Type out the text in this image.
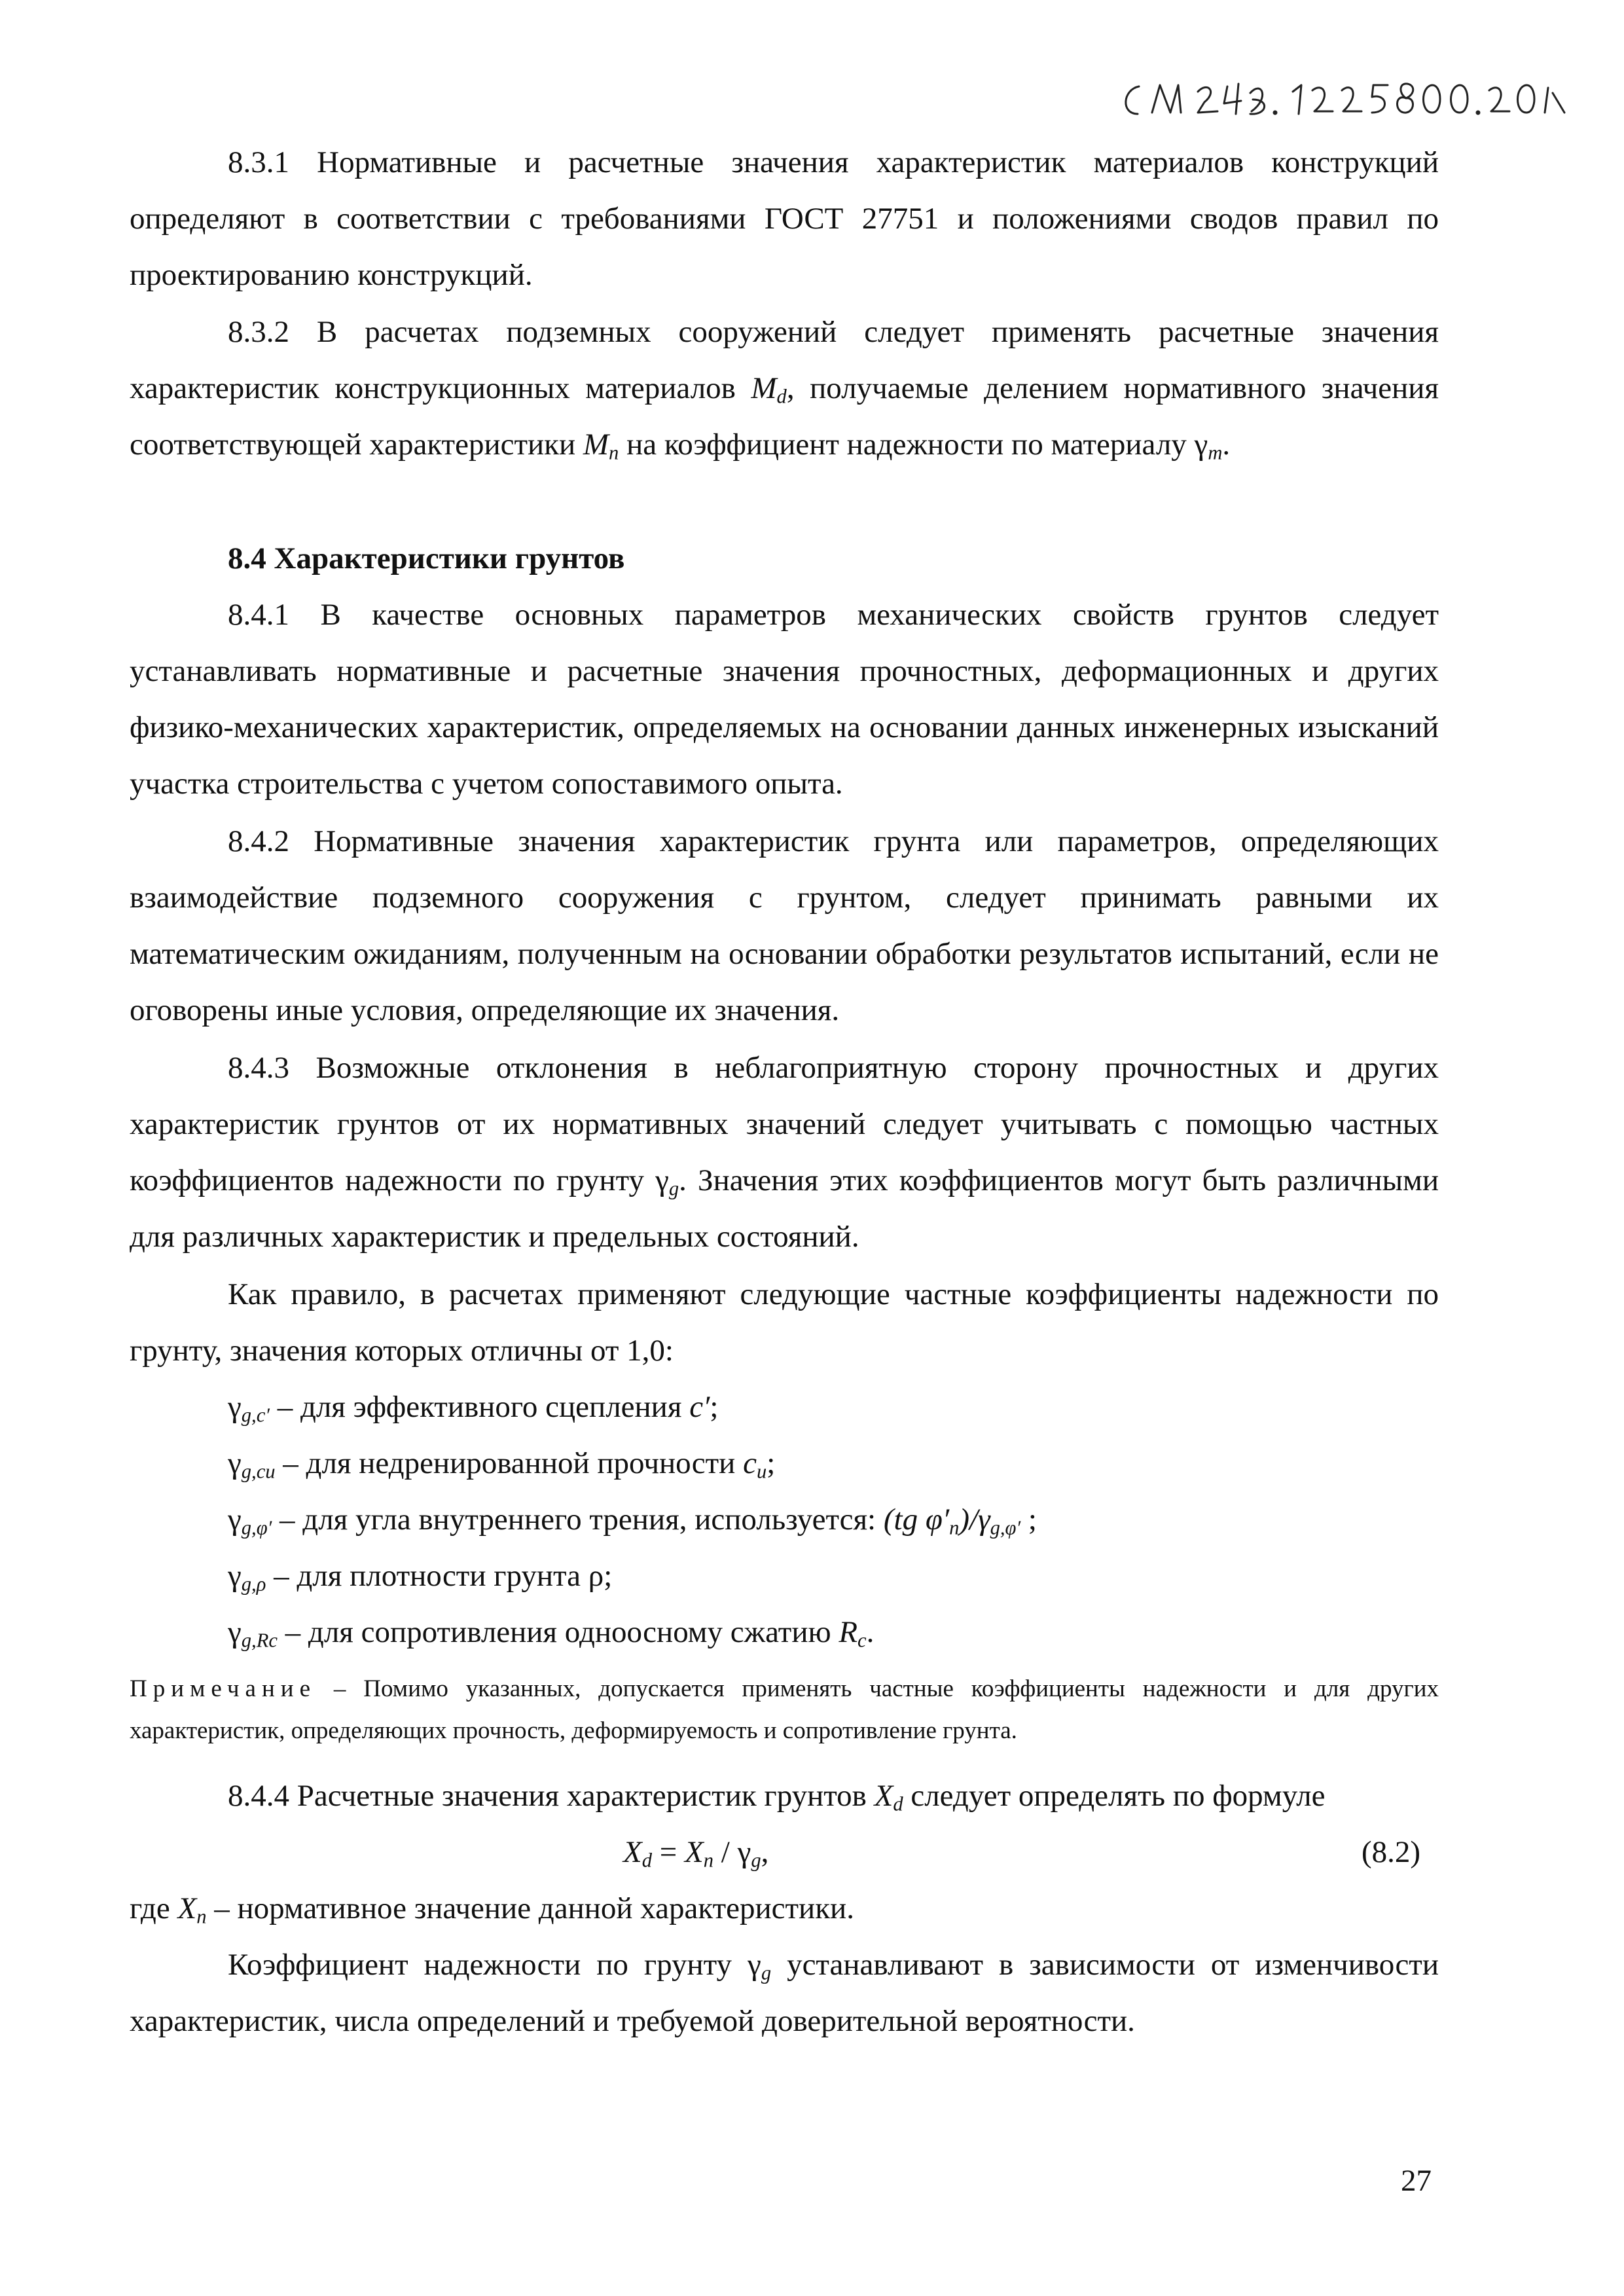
8.3.1 Нормативные и расчетные значения характеристик материалов конструкций определяют в соответствии с требованиями ГОСТ 27751 и положениями сводов правил по проектированию конструкций.

8.3.2 В расчетах подземных сооружений следует применять расчетные значения характеристик конструкционных материалов $M_d$, получаемые делением нормативного значения соответствующей характеристики $M_n$ на коэффициент надежности по материалу $\gamma_m$.

8.4 Характеристики грунтов

8.4.1 В качестве основных параметров механических свойств грунтов следует устанавливать нормативные и расчетные значения прочностных, деформационных и других физико-механических характеристик, определяемых на основании данных инженерных изысканий участка строительства с учетом сопоставимого опыта.

8.4.2 Нормативные значения характеристик грунта или параметров, определяющих взаимодействие подземного сооружения с грунтом, следует принимать равными их математическим ожиданиям, полученным на основании обработки результатов испытаний, если не оговорены иные условия, определяющие их значения.

8.4.3 Возможные отклонения в неблагоприятную сторону прочностных и других характеристик грунтов от их нормативных значений следует учитывать с помощью частных коэффициентов надежности по грунту $\gamma_g$. Значения этих коэффициентов могут быть различными для различных характеристик и предельных состояний.

Как правило, в расчетах применяют следующие частные коэффициенты надежности по грунту, значения которых отличны от 1,0:

$\gamma_{g,c'}$ – для эффективного сцепления c′;

$\gamma_{g,cu}$ – для недренированной прочности $c_u$;

$\gamma_{g,\varphi'}$ – для угла внутреннего трения, используется: (tg $\varphi'_n)/\gamma_{g,\varphi'}$ ;

$\gamma_{g,\rho}$ – для плотности грунта ρ;

$\gamma_{g,Rc}$ – для сопротивления одноосному сжатию $R_c$.

Примечание – Помимо указанных, допускается применять частные коэффициенты надежности и для других характеристик, определяющих прочность, деформируемость и сопротивление грунта.

8.4.4 Расчетные значения характеристик грунтов $X_d$ следует определять по формуле

$X_d = X_n / \gamma_g$,	(8.2)

где $X_n$ – нормативное значение данной характеристики.

Коэффициент надежности по грунту $\gamma_g$ устанавливают в зависимости от изменчивости характеристик, числа определений и требуемой доверительной вероятности.

27
